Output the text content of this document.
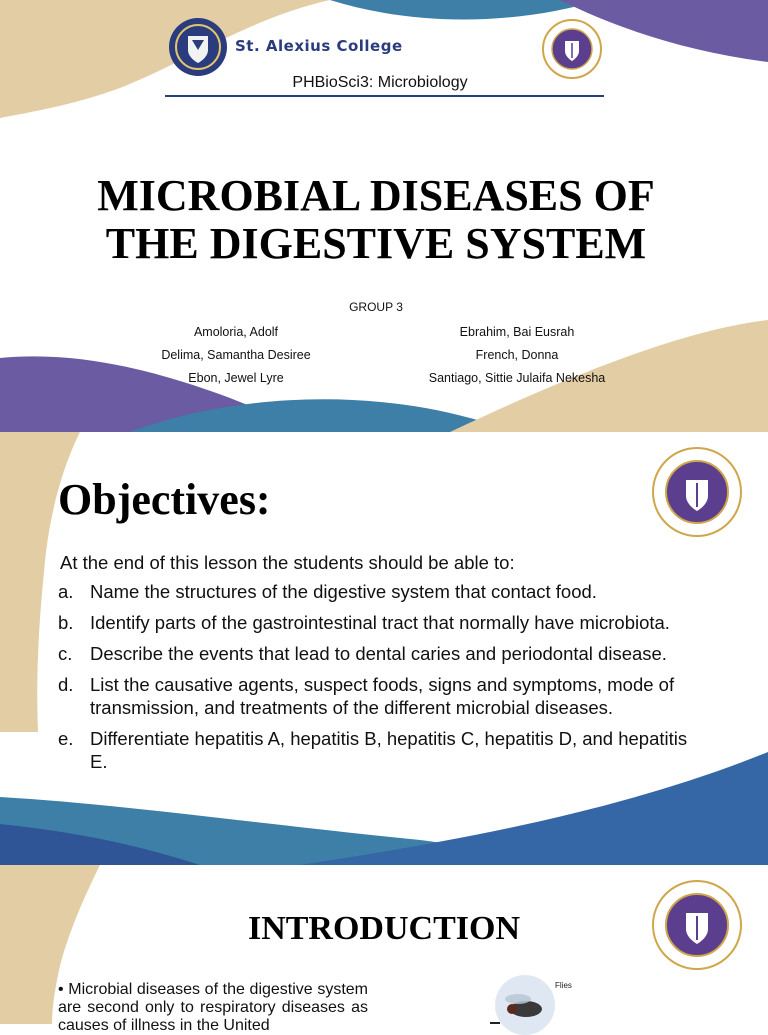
St. Alexius College
PHBioSci3: Microbiology
MICROBIAL DISEASES OF
THE DIGESTIVE SYSTEM
GROUP 3
Amoloria, Adolf
Delima, Samantha Desiree
Ebon, Jewel Lyre
Ebrahim, Bai Eusrah
French, Donna
Santiago, Sittie Julaifa Nekesha
Objectives:
At the end of this lesson the students should be able to:
a. Name the structures of the digestive system that contact food.
b. Identify parts of the gastrointestinal tract that normally have microbiota.
c. Describe the events that lead to dental caries and periodontal disease.
d. List the causative agents, suspect foods, signs and symptoms, mode of transmission, and treatments of the different microbial diseases.
e. Differentiate hepatitis A, hepatitis B, hepatitis C, hepatitis D, and hepatitis E.
INTRODUCTION
• Microbial diseases of the digestive system are second only to respiratory diseases as causes of illness in the United
Flies
